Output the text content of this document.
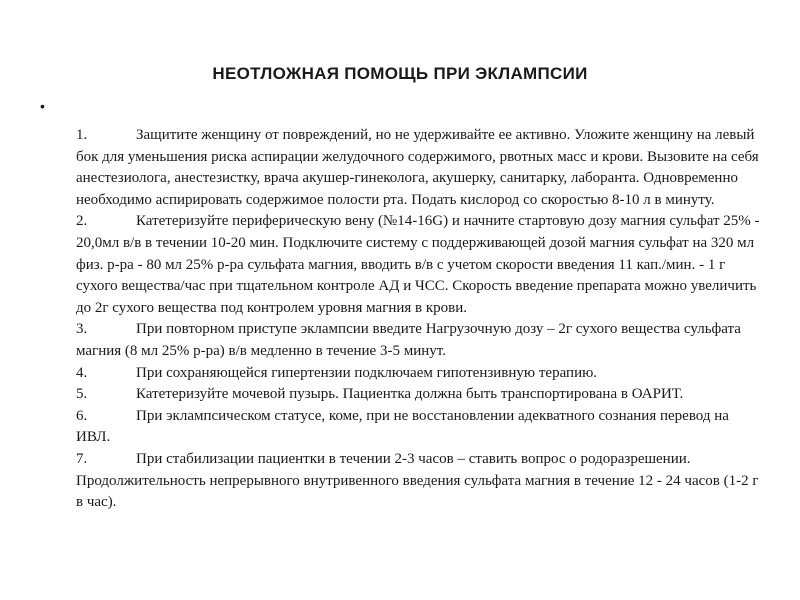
НЕОТЛОЖНАЯ ПОМОЩЬ ПРИ ЭКЛАМПСИИ
•
1.		Защитите женщину от повреждений, но не удерживайте ее активно. Уложите женщину на левый бок для уменьшения риска аспирации желудочного содержимого, рвотных масс и крови. Вызовите на себя анестезиолога, анестезистку, врача акушер-гинеколога, акушерку, санитарку, лаборанта. Одновременно необходимо аспирировать содержимое полости рта. Подать кислород со скоростью 8-10 л в минуту.
2.		Катетеризуйте периферическую вену (№14-16G) и начните стартовую дозу магния сульфат 25% - 20,0мл в/в в течении 10-20 мин. Подключите систему с поддерживающей дозой магния сульфат на 320 мл физ. р-ра - 80 мл 25% р-ра сульфата магния, вводить в/в с учетом скорости введения 11 кап./мин. - 1 г сухого вещества/час при тщательном контроле АД и ЧСС. Скорость введение препарата можно увеличить до 2г сухого вещества под контролем уровня магния в крови.
3.		При повторном приступе эклампсии введите Нагрузочную дозу – 2г сухого вещества сульфата магния (8 мл 25% р-ра) в/в медленно в течение 3-5 минут.
4.		При сохраняющейся гипертензии подключаем гипотензивную терапию.
5.		Катетеризуйте мочевой пузырь. Пациентка должна быть транспортирована в ОАРИТ.
6.		При эклампсическом статусе, коме, при не восстановлении адекватного сознания перевод на ИВЛ.
7.		При стабилизации пациентки в течении 2-3 часов – ставить вопрос о родоразрешении. Продолжительность непрерывного внутривенного введения сульфата магния в течение 12 - 24 часов (1-2 г в час).
